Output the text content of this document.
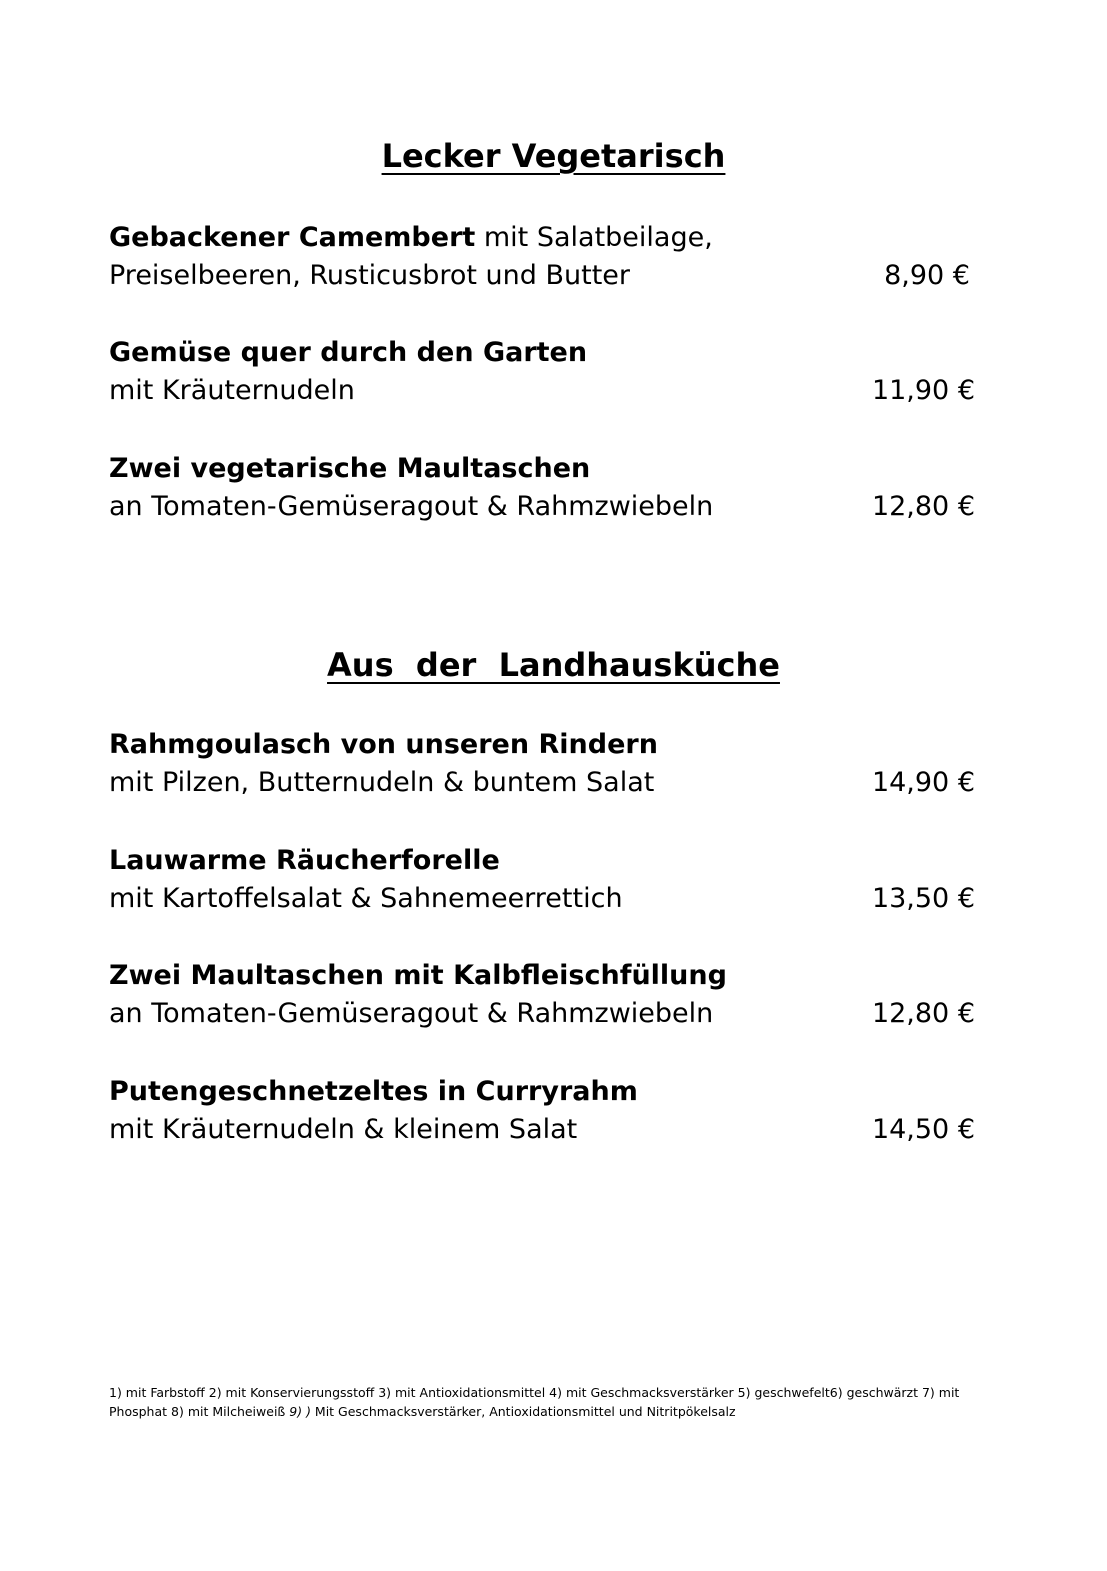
Lecker Vegetarisch
Gebackener Camembert mit Salatbeilage,
Preiselbeeren, Rusticusbrot und Butter	8,90 €
Gemüse quer durch den Garten
mit Kräuternudeln	11,90 €
Zwei vegetarische Maultaschen
an Tomaten-Gemüseragout & Rahmzwiebeln	12,80 €
Aus  der  Landhausküche
Rahmgoulasch von unseren Rindern
mit Pilzen, Butternudeln & buntem Salat	14,90 €
Lauwarme Räucherforelle
mit Kartoffelsalat & Sahnemeerrettich	13,50 €
Zwei Maultaschen mit Kalbfleischfüllung
an Tomaten-Gemüseragout & Rahmzwiebeln	12,80 €
Putengeschnetzeltes in Curryrahm
mit Kräuternudeln & kleinem Salat	14,50 €
1) mit Farbstoff 2) mit Konservierungsstoff 3) mit Antioxidationsmittel 4) mit Geschmacksverstärker 5) geschwefelt6) geschwärzt 7) mit
Phosphat 8) mit Milcheiweiß 9) ) Mit Geschmacksverstärker, Antioxidationsmittel und Nitritpökelsalz
